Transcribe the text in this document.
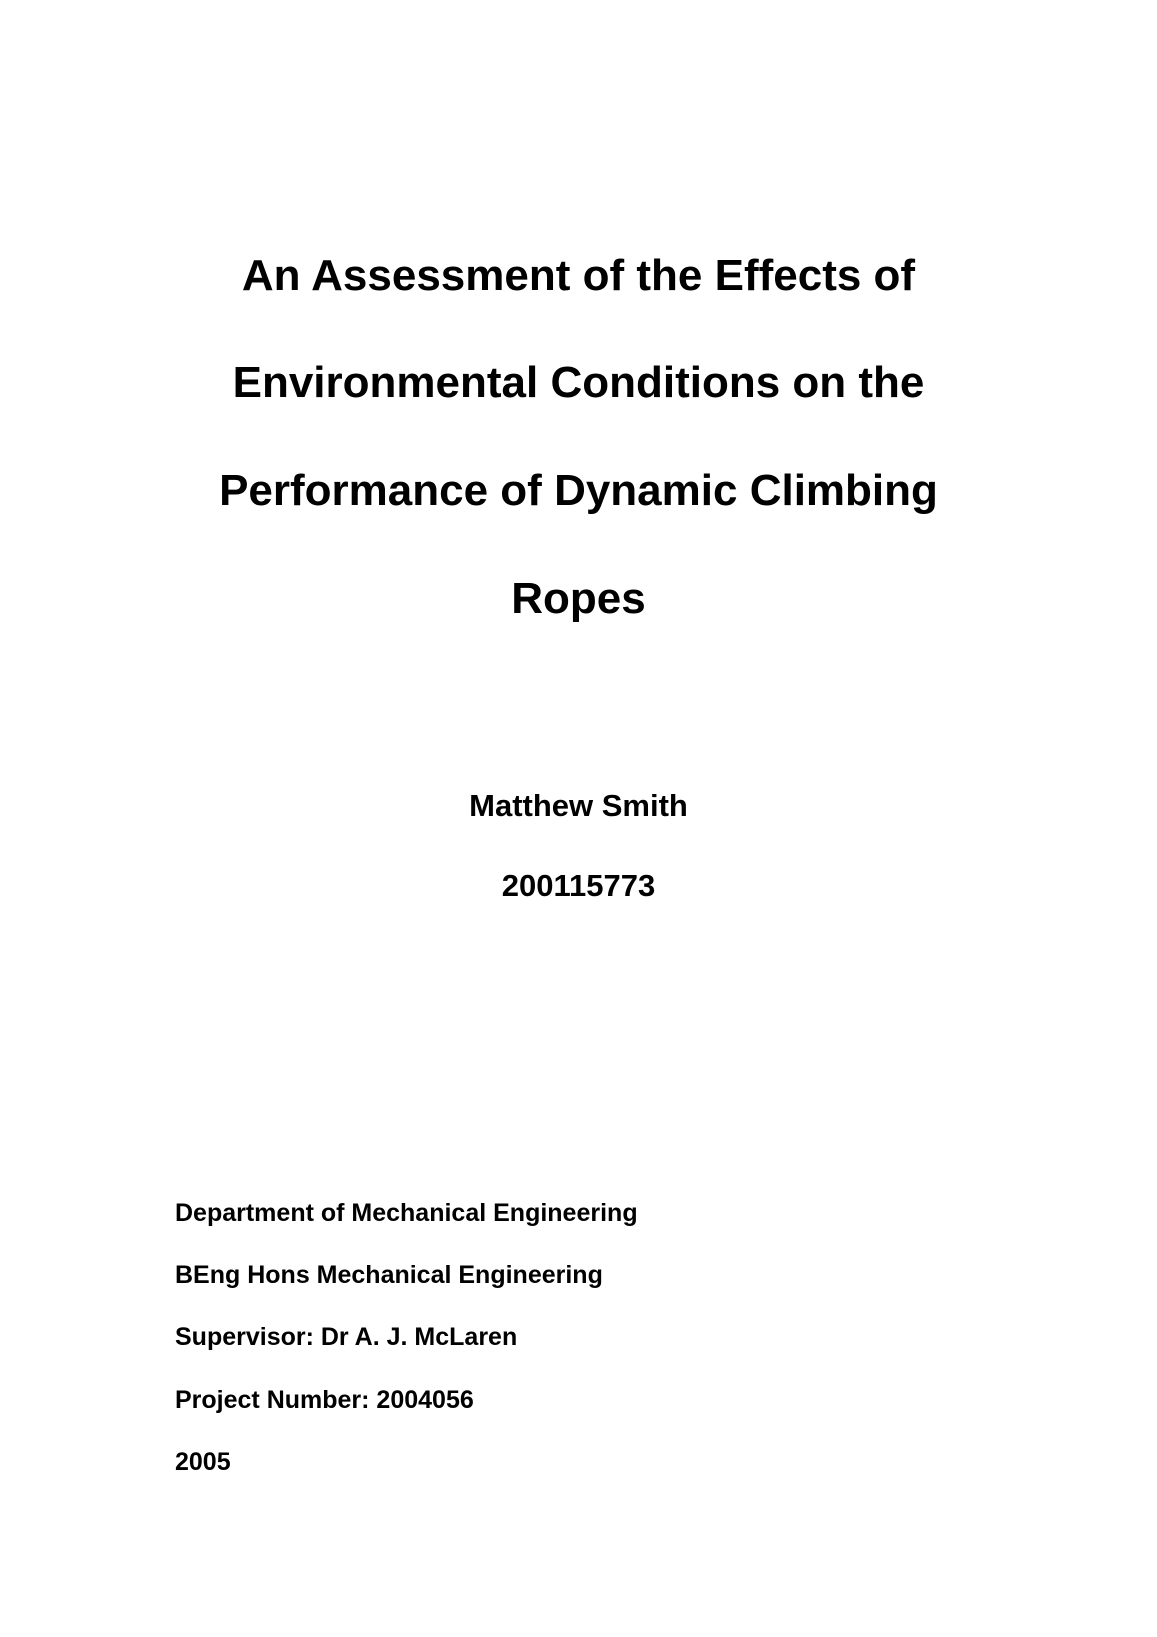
An Assessment of the Effects of
Environmental Conditions on the
Performance of Dynamic Climbing
Ropes
Matthew Smith
200115773
Department of Mechanical Engineering
BEng Hons Mechanical Engineering
Supervisor: Dr A. J. McLaren
Project Number: 2004056
2005
